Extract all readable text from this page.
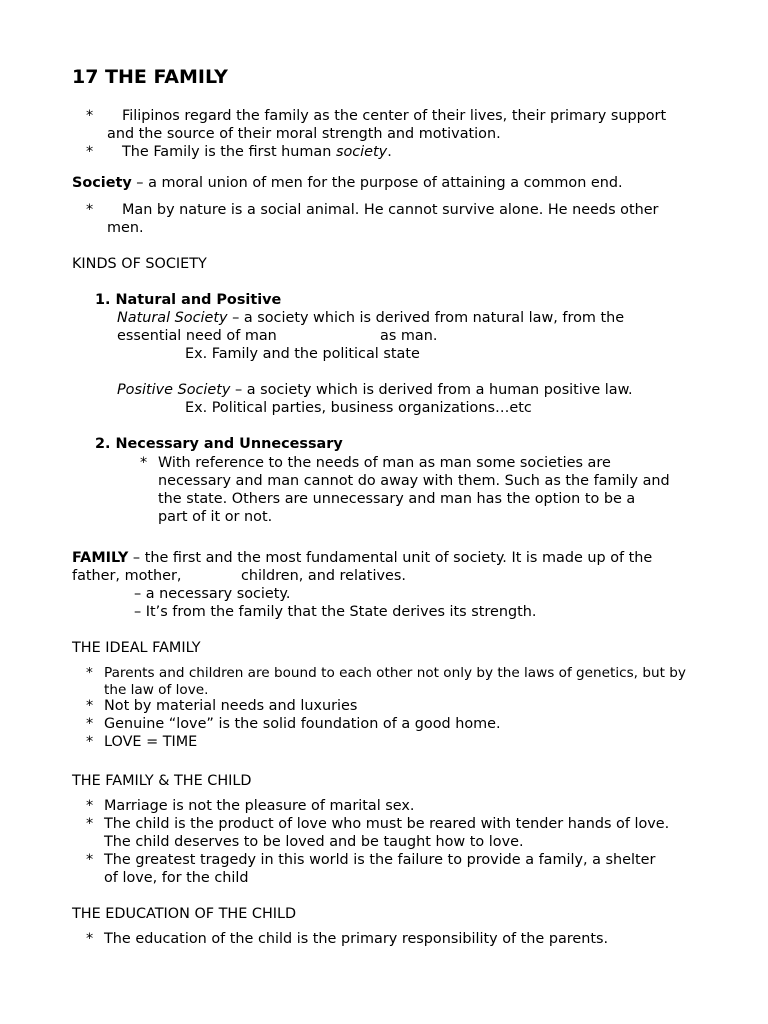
17 THE FAMILY
* Filipinos regard the family as the center of their lives, their primary support
and the source of their moral strength and motivation.
* The Family is the first human society.
Society – a moral union of men for the purpose of attaining a common end.
* Man by nature is a social animal. He cannot survive alone. He needs other
men.
KINDS OF SOCIETY
1. Natural and Positive
Natural Society – a society which is derived from natural law, from the
essential need of man	as man.
Ex. Family and the political state
Positive Society – a society which is derived from a human positive law.
Ex. Political parties, business organizations…etc
2. Necessary and Unnecessary
* With reference to the needs of man as man some societies are
necessary and man cannot do away with them. Such as the family and
the state. Others are unnecessary and man has the option to be a
part of it or not.
FAMILY – the first and the most fundamental unit of society. It is made up of the
father, mother,	children, and relatives.
– a necessary society.
– It’s from the family that the State derives its strength.
THE IDEAL FAMILY
* Parents and children are bound to each other not only by the laws of genetics, but by
the law of love.
* Not by material needs and luxuries
* Genuine “love” is the solid foundation of a good home.
* LOVE = TIME
THE FAMILY & THE CHILD
* Marriage is not the pleasure of marital sex.
* The child is the product of love who must be reared with tender hands of love.
The child deserves to be loved and be taught how to love.
* The greatest tragedy in this world is the failure to provide a family, a shelter
of love, for the child
THE EDUCATION OF THE CHILD
* The education of the child is the primary responsibility of the parents.
